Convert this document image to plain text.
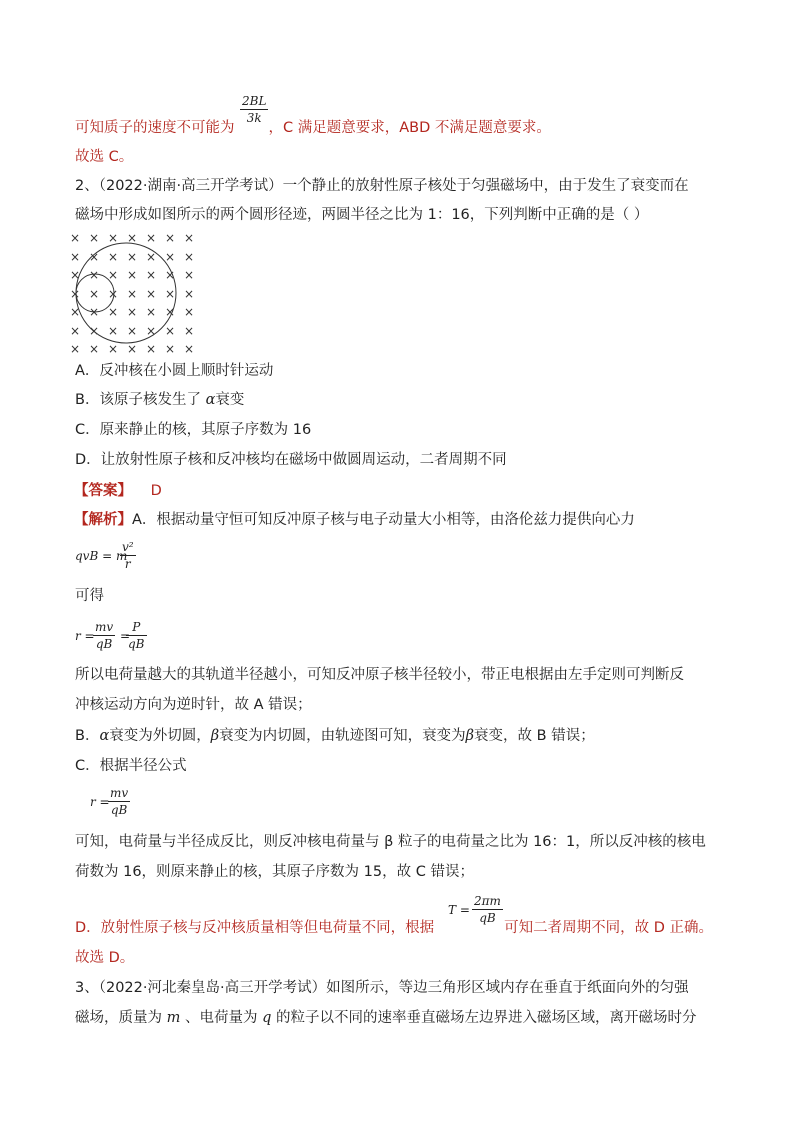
2BL
3k
可知质子的速度不可能为 ，C 满足题意要求，ABD 不满足题意要求。
故选 C。
2、（2022·湖南·高三开学考试）一个静止的放射性原子核处于匀强磁场中，由于发生了衰变而在
磁场中形成如图所示的两个圆形径迹，两圆半径之比为 1：16，下列判断中正确的是（ ）
× × × × × × ×
× × × × × × ×
× × × × × × ×
× × × × × × ×
× × × × × × ×
× × × × × × ×
× × × × × × ×
A．反冲核在小圆上顺时针运动
B．该原子核发生了 α衰变
C．原来静止的核，其原子序数为 16
D．让放射性原子核和反冲核均在磁场中做圆周运动，二者周期不同
【答案】 D
【解析】A．根据动量守恒可知反冲原子核与电子动量大小相等，由洛伦兹力提供向心力
qvB = m
v²
r
可得
r =
mv
qB
=
P
qB
所以电荷量越大的其轨道半径越小，可知反冲原子核半径较小，带正电根据由左手定则可判断反
冲核运动方向为逆时针，故 A 错误；
B．α衰变为外切圆，β衰变为内切圆，由轨迹图可知，衰变为β衰变，故 B 错误；
C．根据半径公式
r =
mv
qB
可知，电荷量与半径成反比，则反冲核电荷量与 β 粒子的电荷量之比为 16：1，所以反冲核的核电
荷数为 16，则原来静止的核，其原子序数为 15，故 C 错误；
T =
2πm
qB
D．放射性原子核与反冲核质量相等但电荷量不同，根据	可知二者周期不同，故 D 正确。
故选 D。
3、（2022·河北秦皇岛·高三开学考试）如图所示，等边三角形区域内存在垂直于纸面向外的匀强
磁场，质量为 m 、电荷量为 q 的粒子以不同的速率垂直磁场左边界进入磁场区域，离开磁场时分
